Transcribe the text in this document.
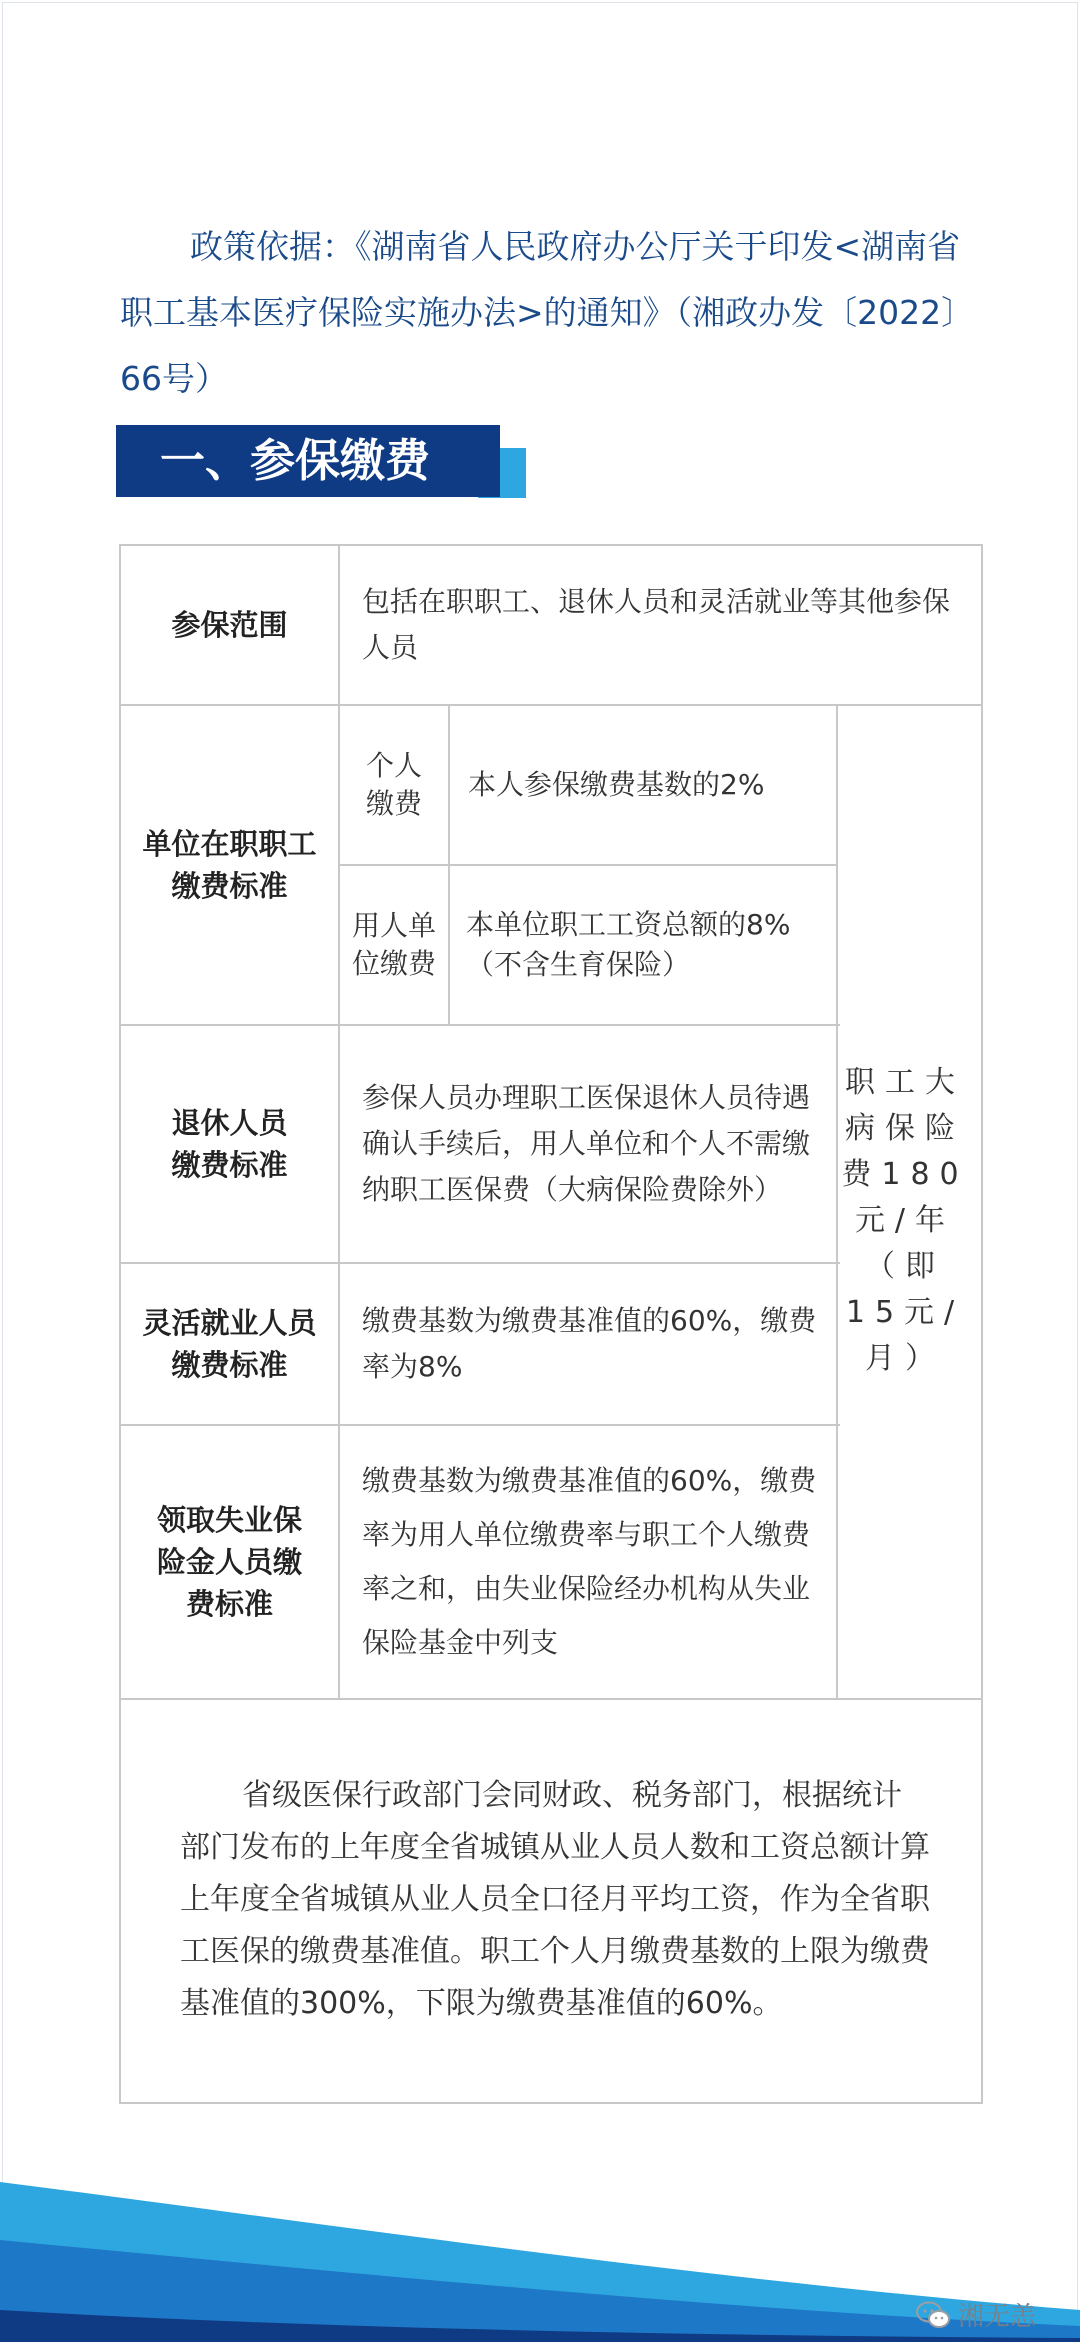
政策依据：《湖南省人民政府办公厅关于印发<湖南省职工基本医疗保险实施办法>的通知》（湘政办发〔2022〕66号）

一、参保缴费
参保范围
包括在职职工、退休人员和灵活就业等其他参保人员
单位在职职工缴费标准
个人缴费
本人参保缴费基数的2%
用人单位缴费
本单位职工工资总额的8%（不含生育保险）
退休人员缴费标准
参保人员办理职工医保退休人员待遇确认手续后，用人单位和个人不需缴纳职工医保费（大病保险费除外）
灵活就业人员缴费标准
缴费基数为缴费基准值的60%，缴费率为8%
领取失业保险金人员缴费标准
缴费基数为缴费基准值的60%，缴费率为用人单位缴费率与职工个人缴费率之和，由失业保险经办机构从失业保险基金中列支
职工大病保险费180元/年（即15元/月）

省级医保行政部门会同财政、税务部门，根据统计部门发布的上年度全省城镇从业人员人数和工资总额计算上年度全省城镇从业人员全口径月平均工资，作为全省职工医保的缴费基准值。职工个人月缴费基数的上限为缴费基准值的300%，下限为缴费基准值的60%。

湘无恙
